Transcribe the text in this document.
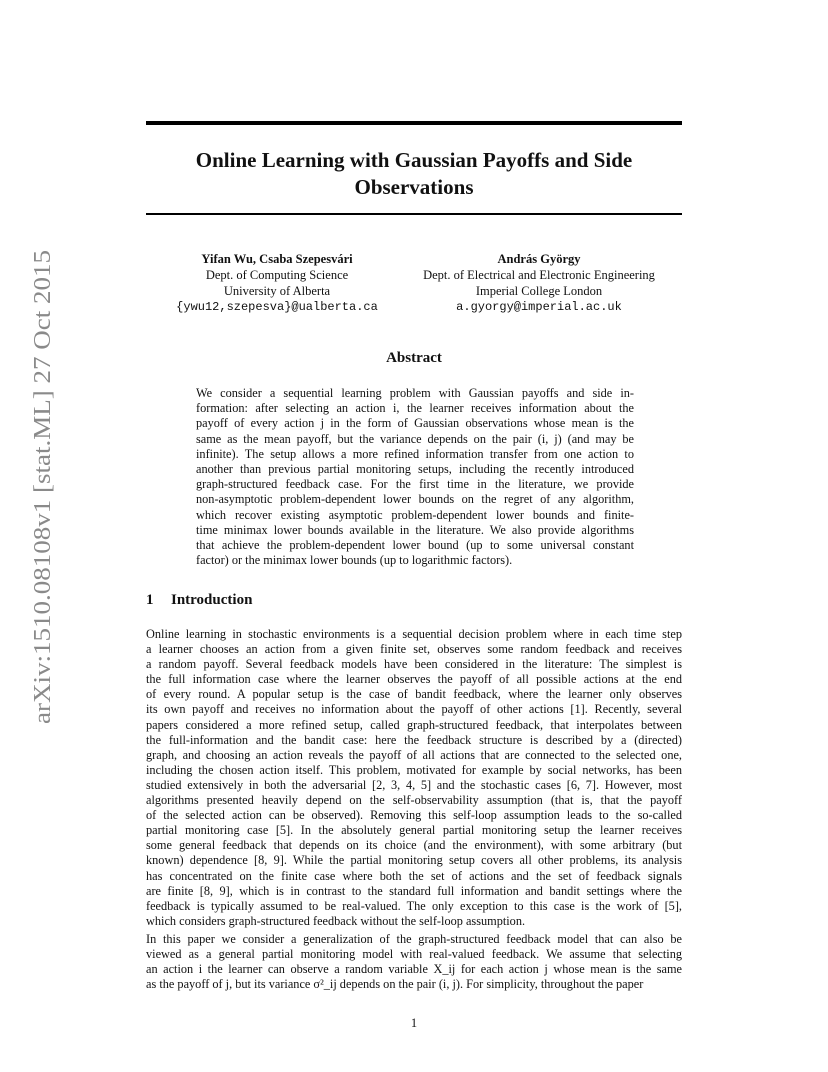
arXiv:1510.08108v1 [stat.ML] 27 Oct 2015
Online Learning with Gaussian Payoffs and Side
Observations
Yifan Wu, Csaba Szepesvári
Dept. of Computing Science
University of Alberta
{ywu12,szepesva}@ualberta.ca
András György
Dept. of Electrical and Electronic Engineering
Imperial College London
a.gyorgy@imperial.ac.uk
Abstract
We consider a sequential learning problem with Gaussian payoffs and side in-
formation: after selecting an action i, the learner receives information about the
payoff of every action j in the form of Gaussian observations whose mean is the
same as the mean payoff, but the variance depends on the pair (i, j) (and may be
infinite). The setup allows a more refined information transfer from one action to
another than previous partial monitoring setups, including the recently introduced
graph-structured feedback case. For the first time in the literature, we provide
non-asymptotic problem-dependent lower bounds on the regret of any algorithm,
which recover existing asymptotic problem-dependent lower bounds and finite-
time minimax lower bounds available in the literature. We also provide algorithms
that achieve the problem-dependent lower bound (up to some universal constant
factor) or the minimax lower bounds (up to logarithmic factors).
1 Introduction
Online learning in stochastic environments is a sequential decision problem where in each time step
a learner chooses an action from a given finite set, observes some random feedback and receives
a random payoff. Several feedback models have been considered in the literature: The simplest is
the full information case where the learner observes the payoff of all possible actions at the end
of every round. A popular setup is the case of bandit feedback, where the learner only observes
its own payoff and receives no information about the payoff of other actions [1]. Recently, several
papers considered a more refined setup, called graph-structured feedback, that interpolates between
the full-information and the bandit case: here the feedback structure is described by a (directed)
graph, and choosing an action reveals the payoff of all actions that are connected to the selected one,
including the chosen action itself. This problem, motivated for example by social networks, has been
studied extensively in both the adversarial [2, 3, 4, 5] and the stochastic cases [6, 7]. However, most
algorithms presented heavily depend on the self-observability assumption (that is, that the payoff
of the selected action can be observed). Removing this self-loop assumption leads to the so-called
partial monitoring case [5]. In the absolutely general partial monitoring setup the learner receives
some general feedback that depends on its choice (and the environment), with some arbitrary (but
known) dependence [8, 9]. While the partial monitoring setup covers all other problems, its analysis
has concentrated on the finite case where both the set of actions and the set of feedback signals
are finite [8, 9], which is in contrast to the standard full information and bandit settings where the
feedback is typically assumed to be real-valued. The only exception to this case is the work of [5],
which considers graph-structured feedback without the self-loop assumption.
In this paper we consider a generalization of the graph-structured feedback model that can also be
viewed as a general partial monitoring model with real-valued feedback. We assume that selecting
an action i the learner can observe a random variable X_ij for each action j whose mean is the same
as the payoff of j, but its variance σ²_ij depends on the pair (i, j). For simplicity, throughout the paper
1
